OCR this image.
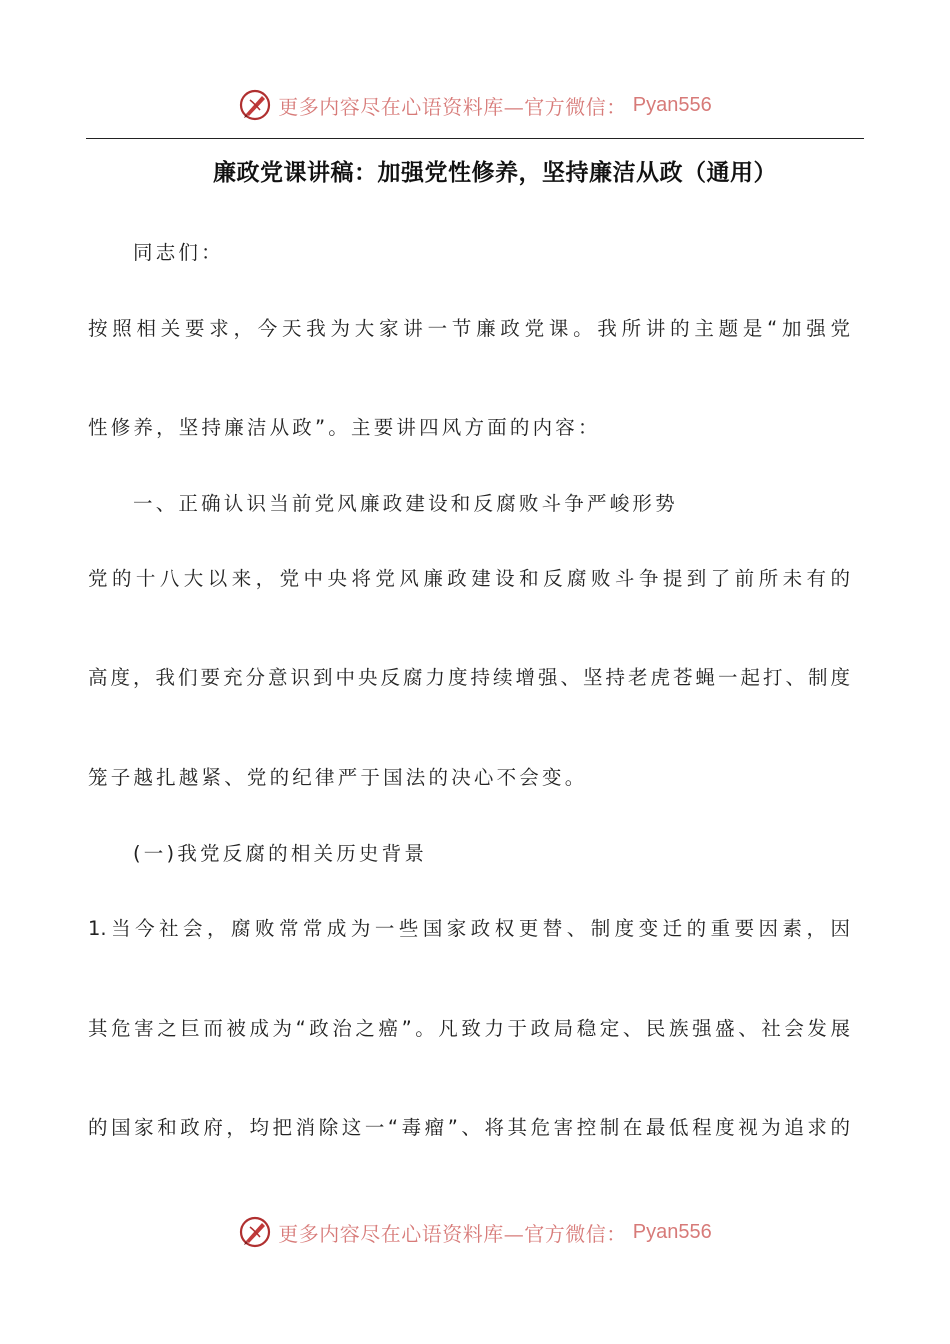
更多内容尽在心语资料库—官方微信： Pyan556
廉政党课讲稿：加强党性修养，坚持廉洁从政（通用）
同志们：
按照相关要求，今天我为大家讲一节廉政党课。我所讲的主题是“加强党
性修养，坚持廉洁从政”。主要讲四风方面的内容：
一、正确认识当前党风廉政建设和反腐败斗争严峻形势
党的十八大以来，党中央将党风廉政建设和反腐败斗争提到了前所未有的
高度，我们要充分意识到中央反腐力度持续增强、坚持老虎苍蝇一起打、制度
笼子越扎越紧、党的纪律严于国法的决心不会变。
(一)我党反腐的相关历史背景
1.当今社会，腐败常常成为一些国家政权更替、制度变迁的重要因素，因
其危害之巨而被成为“政治之癌”。凡致力于政局稳定、民族强盛、社会发展
的国家和政府，均把消除这一“毒瘤”、将其危害控制在最低程度视为追求的
更多内容尽在心语资料库—官方微信： Pyan556
